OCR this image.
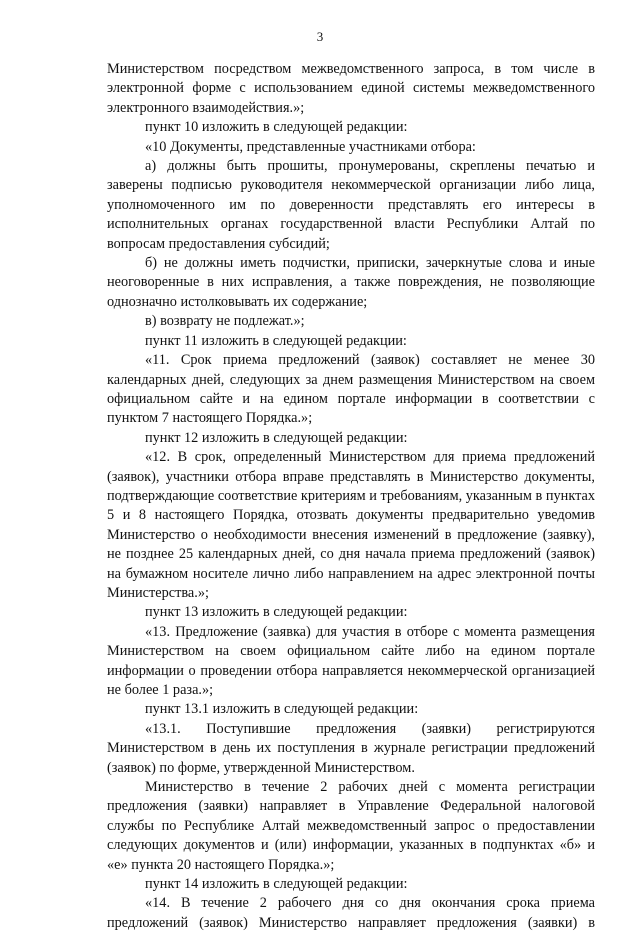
3

Министерством посредством межведомственного запроса, в том числе в электронной форме с использованием единой системы межведомственного электронного взаимодействия.»;

пункт 10 изложить в следующей редакции:

«10 Документы, представленные участниками отбора:

а) должны быть прошиты, пронумерованы, скреплены печатью и заверены подписью руководителя некоммерческой организации либо лица, уполномоченного им по доверенности представлять его интересы в исполнительных органах государственной власти Республики Алтай по вопросам предоставления субсидий;

б) не должны иметь подчистки, приписки, зачеркнутые слова и иные неоговоренные в них исправления, а также повреждения, не позволяющие однозначно истолковывать их содержание;

в) возврату не подлежат.»;

пункт 11 изложить в следующей редакции:

«11. Срок приема предложений (заявок) составляет не менее 30 календарных дней, следующих за днем размещения Министерством на своем официальном сайте и на едином портале информации в соответствии с пунктом 7 настоящего Порядка.»;

пункт 12 изложить в следующей редакции:

«12. В срок, определенный Министерством для приема предложений (заявок), участники отбора вправе представлять в Министерство документы, подтверждающие соответствие критериям и требованиям, указанным в пунктах 5 и 8 настоящего Порядка, отозвать документы предварительно уведомив Министерство о необходимости внесения изменений в предложение (заявку), не позднее 25 календарных дней, со дня начала приема предложений (заявок) на бумажном носителе лично либо направлением на адрес электронной почты Министерства.»;

пункт 13 изложить в следующей редакции:

«13. Предложение (заявка) для участия в отборе с момента размещения Министерством на своем официальном сайте либо на едином портале информации о проведении отбора направляется некоммерческой организацией не более 1 раза.»;

пункт 13.1 изложить в следующей редакции:

«13.1. Поступившие предложения (заявки) регистрируются Министерством в день их поступления в журнале регистрации предложений (заявок) по форме, утвержденной Министерством.

Министерство в течение 2 рабочих дней с момента регистрации предложения (заявки) направляет в Управление Федеральной налоговой службы по Республике Алтай межведомственный запрос о предоставлении следующих документов и (или) информации, указанных в подпунктах «б» и «е» пункта 20 настоящего Порядка.»;

пункт 14 изложить в следующей редакции:

«14. В течение 2 рабочего дня со дня окончания срока приема предложений (заявок) Министерство направляет предложения (заявки) в
